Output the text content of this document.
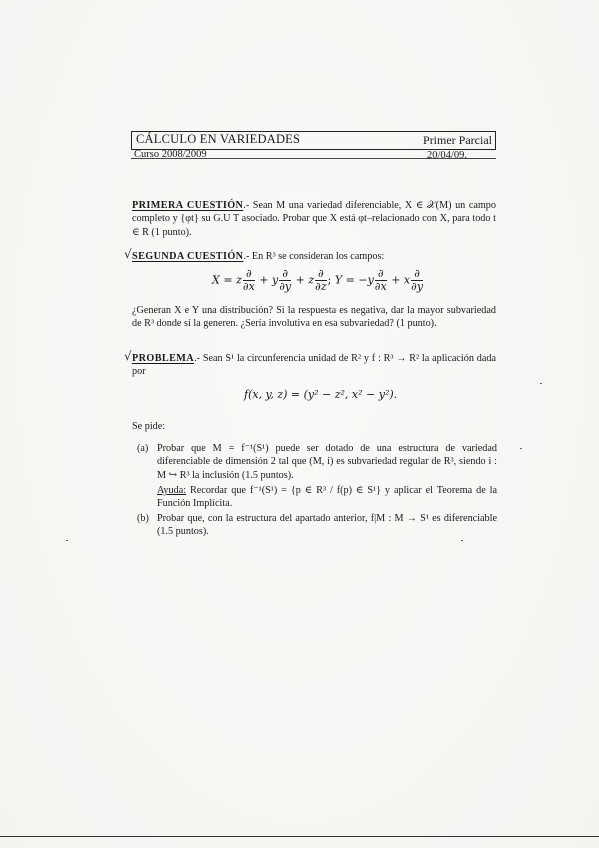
CÁLCULO EN VARIEDADES	Primer Parcial
Curso 2008/2009	20/04/09.
PRIMERA CUESTIÓN.- Sean M una variedad diferenciable, X ∈ 𝒳(M) un campo completo y {φt} su G.U T asociado. Probar que X está φt–relacionado con X, para todo t ∈ R (1 punto).
√ SEGUNDA CUESTIÓN.- En R³ se consideran los campos:
X = z $\frac{\partial}{\partial x} + y \frac{\partial}{\partial y} + z \frac{\partial}{\partial z}$ ; $Y = -y \frac{\partial}{\partial x} + x \frac{\partial}{\partial y}$
¿Generan X e Y una distribución? Si la respuesta es negativa, dar la mayor subvariedad de R³ donde sí la generen. ¿Sería involutiva en esa subvariedad? (1 punto).
√ PROBLEMA.- Sean S¹ la circunferencia unidad de R² y f : R³ → R² la aplicación dada por
f(x, y, z) = (y² − z², x² − y²).
Se pide:
(a) Probar que M = f⁻¹(S¹) puede ser dotado de una estructura de variedad diferenciable de dimensión 2 tal que (M, i) es subvariedad regular de R³, siendo i : M ↪ R³ la inclusión (1.5 puntos).
Ayuda: Recordar que f⁻¹(S¹) = {p ∈ R³ / f(p) ∈ S¹} y aplicar el Teorema de la Función Implícita.
(b) Probar que, con la estructura del apartado anterior, f|M : M → S¹ es diferenciable (1.5 puntos).
